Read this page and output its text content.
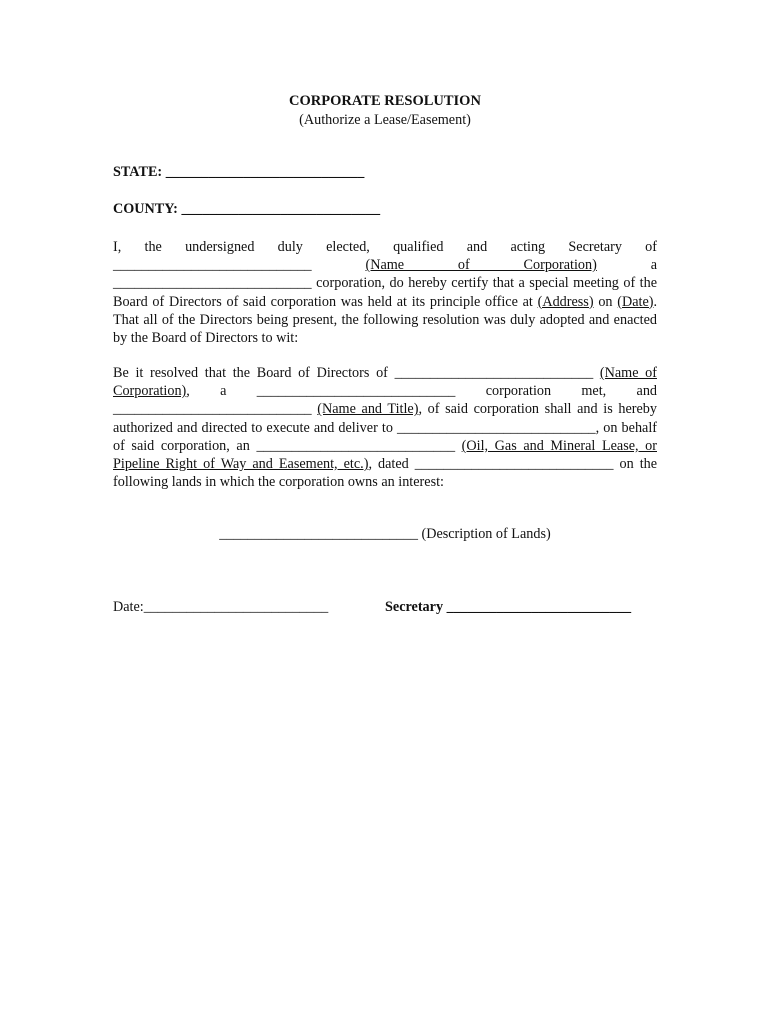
CORPORATE RESOLUTION
(Authorize a Lease/Easement)
STATE: ____________________________
COUNTY: ____________________________
I, the undersigned duly elected, qualified and acting Secretary of ____________________________	(Name of Corporation)	a ____________________________ corporation, do hereby certify that a special meeting of the Board of Directors of said corporation was held at its principle office at (Address) on (Date). That all of the Directors being present, the following resolution was duly adopted and enacted by the Board of Directors to wit:
Be it resolved that the Board of Directors of ____________________________ (Name of Corporation), a ____________________________ corporation met, and ____________________________ (Name and Title), of said corporation shall and is hereby authorized and directed to execute and deliver to ____________________________, on behalf of said corporation, an ____________________________ (Oil, Gas and Mineral Lease, or Pipeline Right of Way and Easement, etc.), dated ____________________________ on the following lands in which the corporation owns an interest:
____________________________ (Description of Lands)
Date:__________________________	Secretary __________________________
